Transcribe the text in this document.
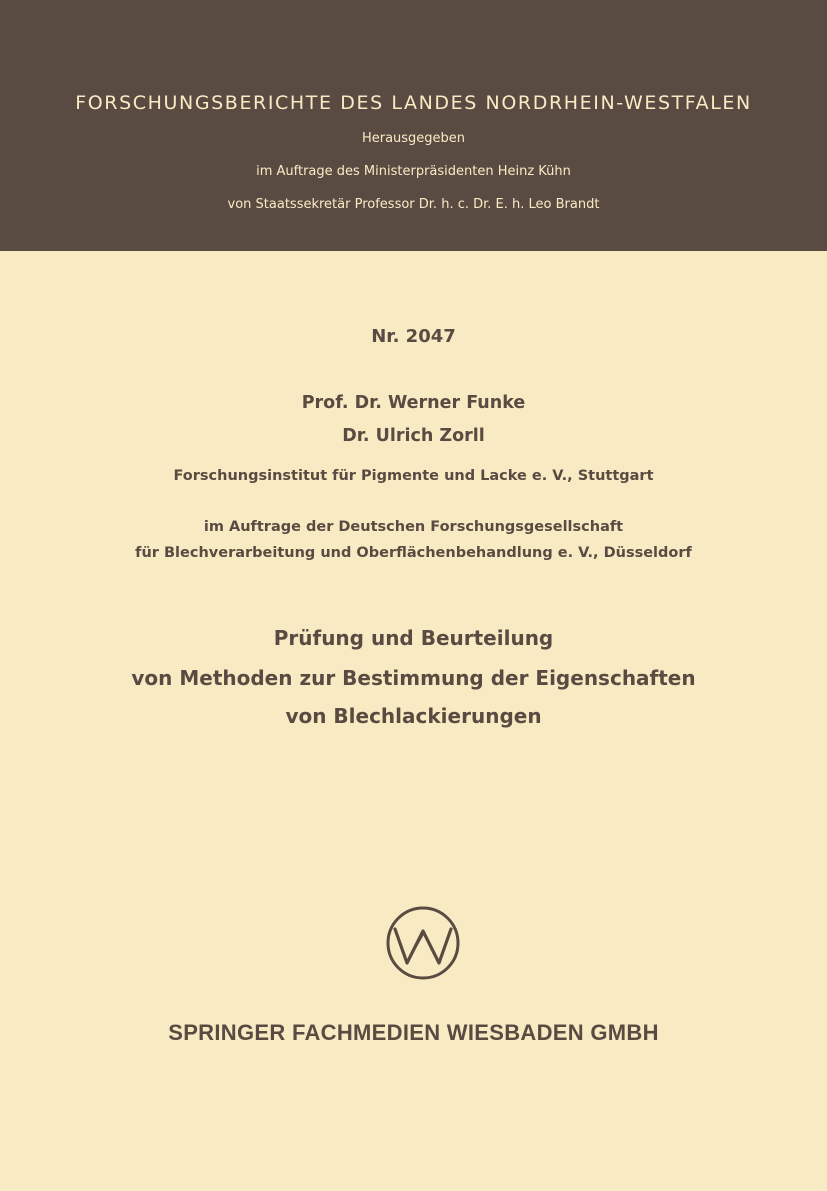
FORSCHUNGSBERICHTE DES LANDES NORDRHEIN-WESTFALEN
Herausgegeben
im Auftrage des Ministerpräsidenten Heinz Kühn
von Staatssekretär Professor Dr. h. c. Dr. E. h. Leo Brandt
Nr. 2047
Prof. Dr. Werner Funke
Dr. Ulrich Zorll
Forschungsinstitut für Pigmente und Lacke e. V., Stuttgart
im Auftrage der Deutschen Forschungsgesellschaft
für Blechverarbeitung und Oberflächenbehandlung e. V., Düsseldorf
Prüfung und Beurteilung
von Methoden zur Bestimmung der Eigenschaften
von Blechlackierungen
SPRINGER FACHMEDIEN WIESBADEN GMBH
